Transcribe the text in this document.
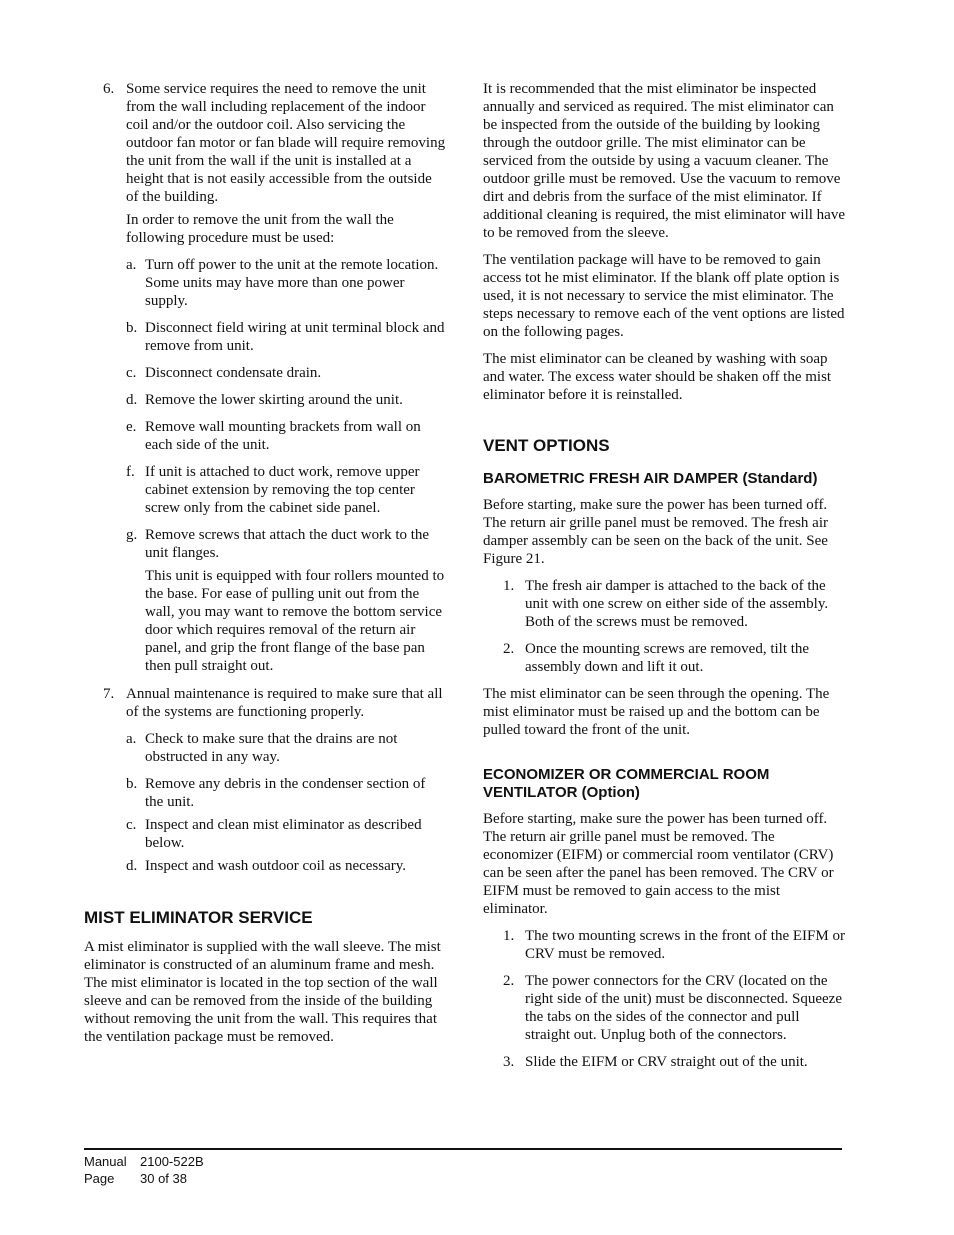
6. Some service requires the need to remove the unit from the wall including replacement of the indoor coil and/or the outdoor coil. Also servicing the outdoor fan motor or fan blade will require removing the unit from the wall if the unit is installed at a height that is not easily accessible from the outside of the building.

In order to remove the unit from the wall the following procedure must be used:

a. Turn off power to the unit at the remote location. Some units may have more than one power supply.
b. Disconnect field wiring at unit terminal block and remove from unit.
c. Disconnect condensate drain.
d. Remove the lower skirting around the unit.
e. Remove wall mounting brackets from wall on each side of the unit.
f. If unit is attached to duct work, remove upper cabinet extension by removing the top center screw only from the cabinet side panel.
g. Remove screws that attach the duct work to the unit flanges.

This unit is equipped with four rollers mounted to the base. For ease of pulling unit out from the wall, you may want to remove the bottom service door which requires removal of the return air panel, and grip the front flange of the base pan then pull straight out.

7. Annual maintenance is required to make sure that all of the systems are functioning properly.

a. Check to make sure that the drains are not obstructed in any way.
b. Remove any debris in the condenser section of the unit.
c. Inspect and clean mist eliminator as described below.
d. Inspect and wash outdoor coil as necessary.
MIST ELIMINATOR SERVICE

A mist eliminator is supplied with the wall sleeve. The mist eliminator is constructed of an aluminum frame and mesh. The mist eliminator is located in the top section of the wall sleeve and can be removed from the inside of the building without removing the unit from the wall. This requires that the ventilation package must be removed.

It is recommended that the mist eliminator be inspected annually and serviced as required. The mist eliminator can be inspected from the outside of the building by looking through the outdoor grille. The mist eliminator can be serviced from the outside by using a vacuum cleaner. The outdoor grille must be removed. Use the vacuum to remove dirt and debris from the surface of the mist eliminator. If additional cleaning is required, the mist eliminator will have to be removed from the sleeve.

The ventilation package will have to be removed to gain access tot he mist eliminator. If the blank off plate option is used, it is not necessary to service the mist eliminator. The steps necessary to remove each of the vent options are listed on the following pages.

The mist eliminator can be cleaned by washing with soap and water. The excess water should be shaken off the mist eliminator before it is reinstalled.

VENT OPTIONS
BAROMETRIC FRESH AIR DAMPER (Standard)

Before starting, make sure the power has been turned off. The return air grille panel must be removed. The fresh air damper assembly can be seen on the back of the unit. See Figure 21.

1. The fresh air damper is attached to the back of the unit with one screw on either side of the assembly. Both of the screws must be removed.
2. Once the mounting screws are removed, tilt the assembly down and lift it out.

The mist eliminator can be seen through the opening. The mist eliminator must be raised up and the bottom can be pulled toward the front of the unit.

ECONOMIZER OR COMMERCIAL ROOM VENTILATOR (Option)

Before starting, make sure the power has been turned off. The return air grille panel must be removed. The economizer (EIFM) or commercial room ventilator (CRV) can be seen after the panel has been removed. The CRV or EIFM must be removed to gain access to the mist eliminator.

1. The two mounting screws in the front of the EIFM or CRV must be removed.
2. The power connectors for the CRV (located on the right side of the unit) must be disconnected. Squeeze the tabs on the sides of the connector and pull straight out. Unplug both of the connectors.
3. Slide the EIFM or CRV straight out of the unit.
Manual	2100-522B
Page	30 of 38
